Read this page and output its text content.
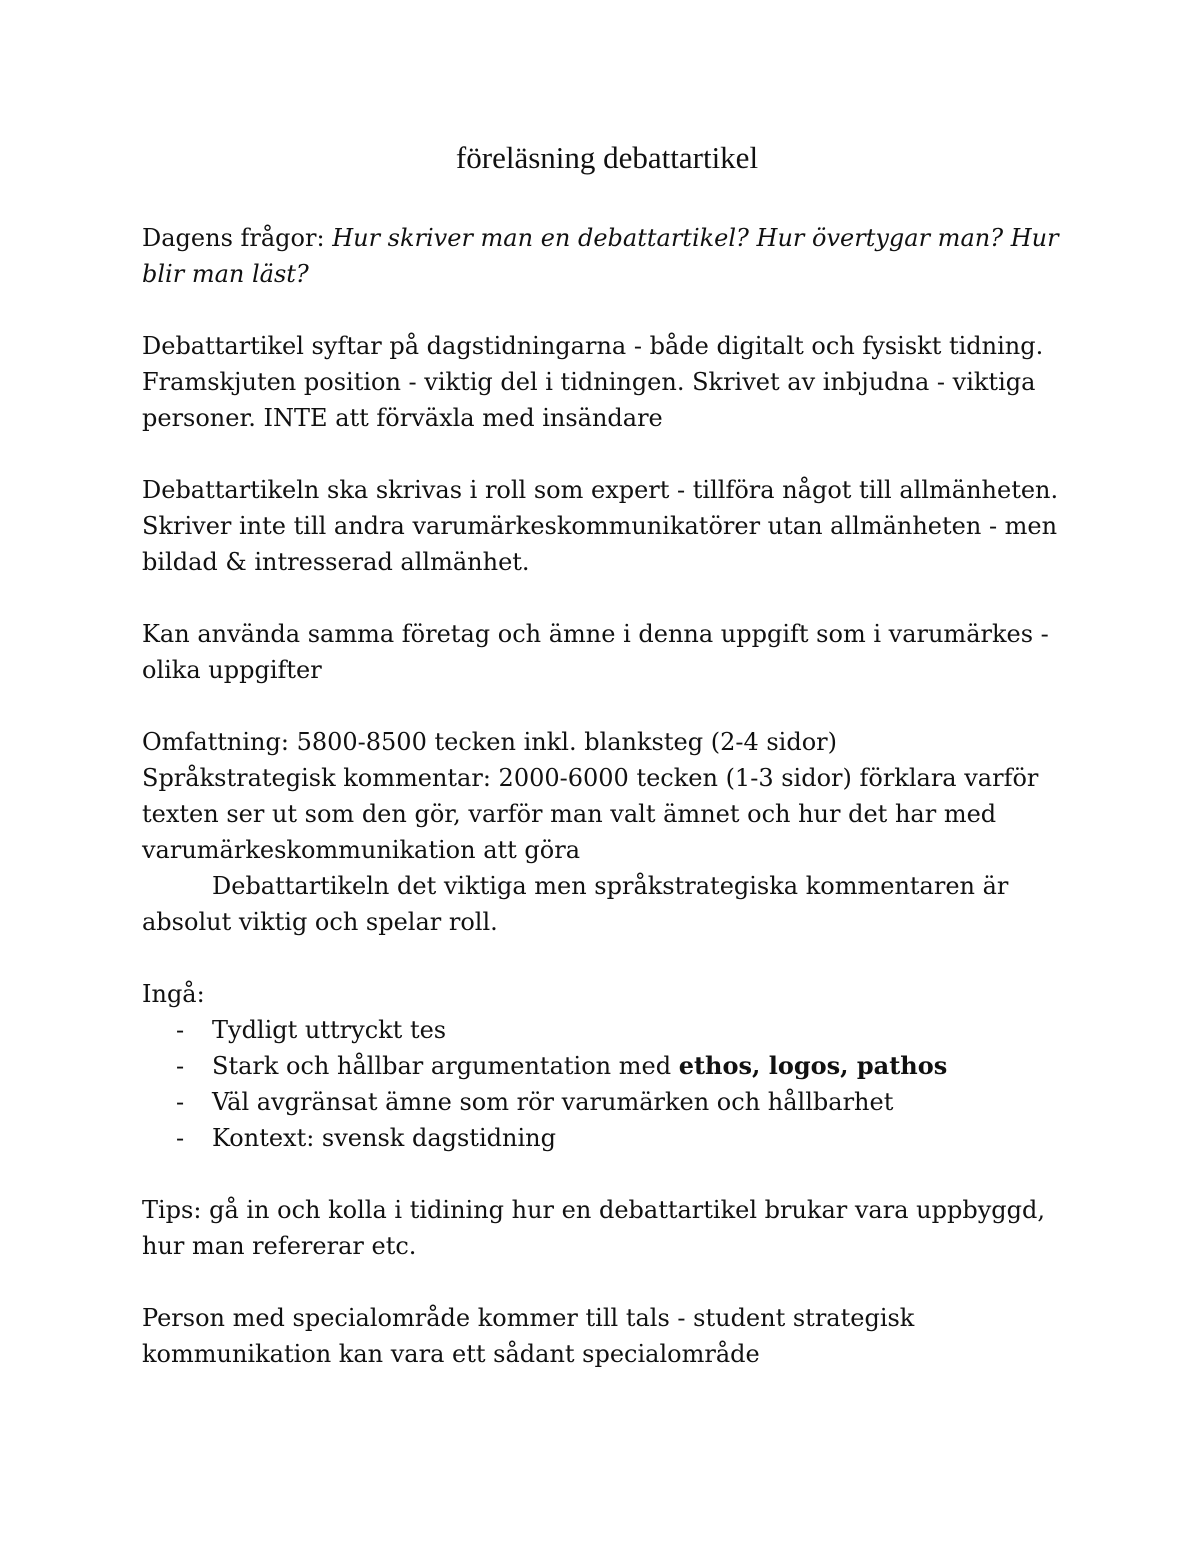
föreläsning debattartikel

Dagens frågor: Hur skriver man en debattartikel? Hur övertygar man? Hur blir man läst?

Debattartikel syftar på dagstidningarna - både digitalt och fysiskt tidning. Framskjuten position - viktig del i tidningen. Skrivet av inbjudna - viktiga personer. INTE att förväxla med insändare

Debattartikeln ska skrivas i roll som expert - tillföra något till allmänheten. Skriver inte till andra varumärkeskommunikatörer utan allmänheten - men bildad & intresserad allmänhet.

Kan använda samma företag och ämne i denna uppgift som i varumärkes - olika uppgifter

Omfattning: 5800-8500 tecken inkl. blanksteg (2-4 sidor)

Språkstrategisk kommentar: 2000-6000 tecken (1-3 sidor) förklara varför texten ser ut som den gör, varför man valt ämnet och hur det har med varumärkeskommunikation att göra

Debattartikeln det viktiga men språkstrategiska kommentaren är absolut viktig och spelar roll.

Ingå:

- Tydligt uttryckt tes
- Stark och hållbar argumentation med ethos, logos, pathos
- Väl avgränsat ämne som rör varumärken och hållbarhet
- Kontext: svensk dagstidning

Tips: gå in och kolla i tidining hur en debattartikel brukar vara uppbyggd, hur man refererar etc.

Person med specialområde kommer till tals - student strategisk kommunikation kan vara ett sådant specialområde
